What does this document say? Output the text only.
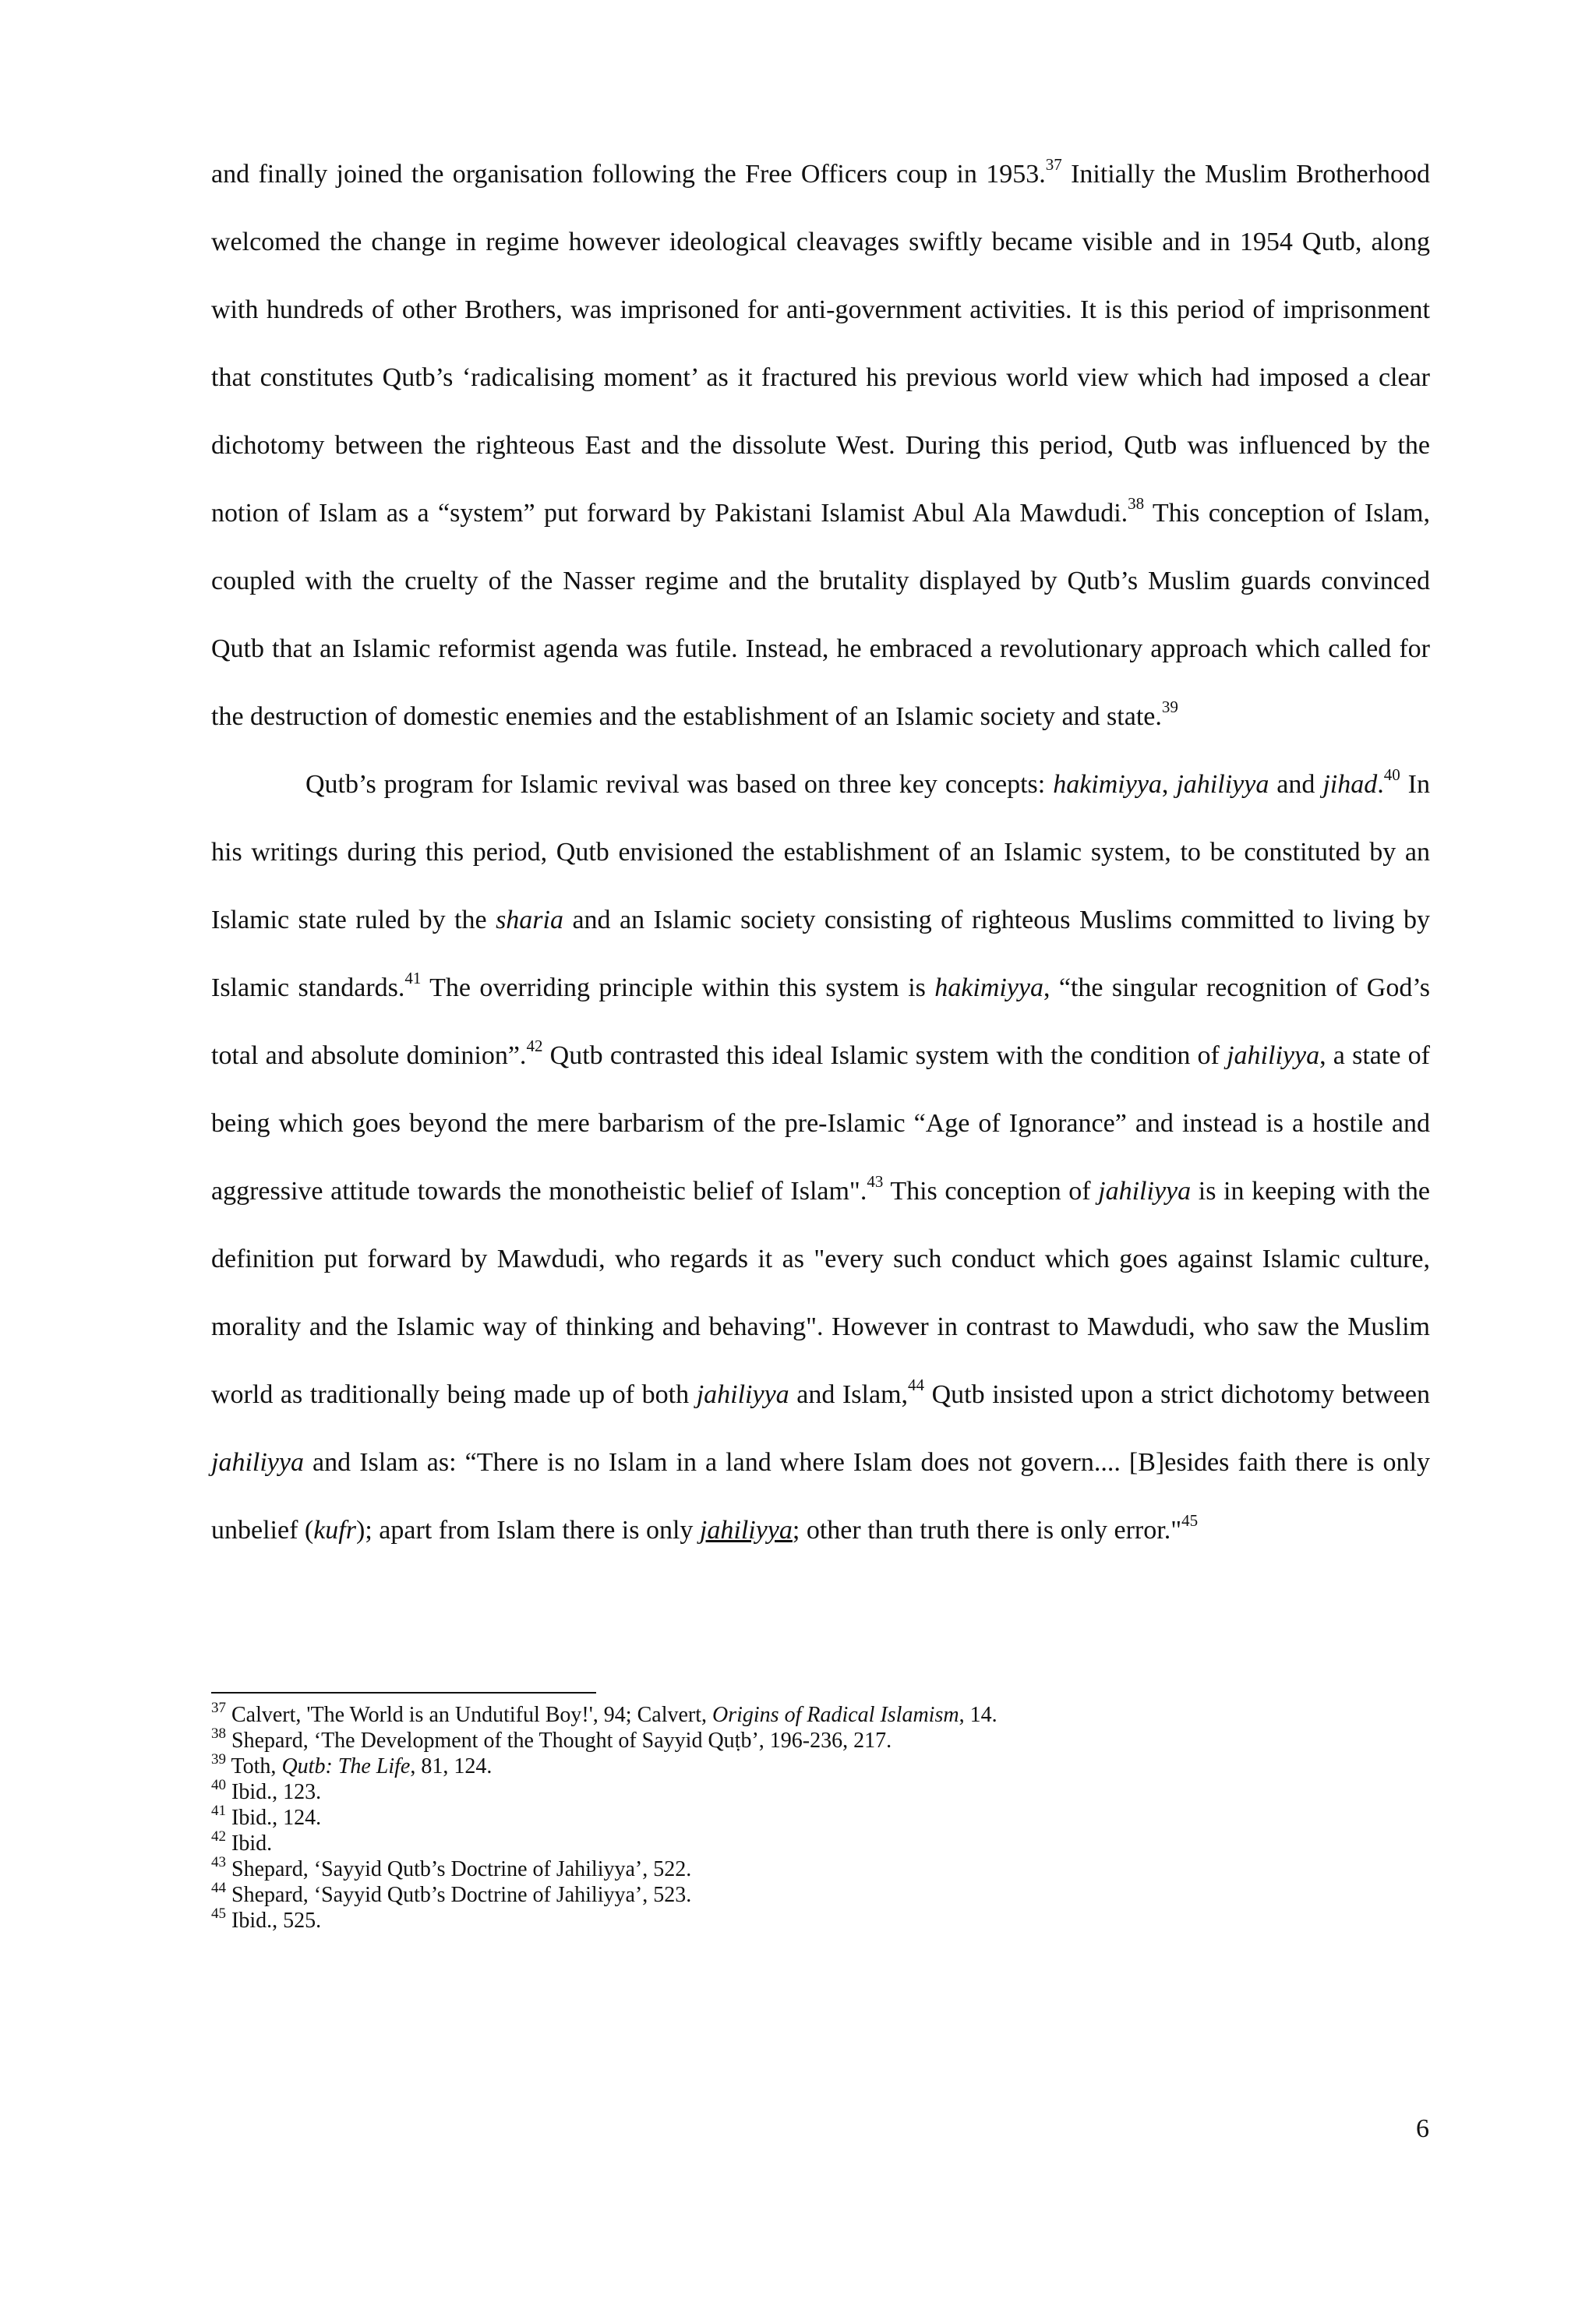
and finally joined the organisation following the Free Officers coup in 1953.37 Initially the Muslim Brotherhood welcomed the change in regime however ideological cleavages swiftly became visible and in 1954 Qutb, along with hundreds of other Brothers, was imprisoned for anti-government activities. It is this period of imprisonment that constitutes Qutb’s ‘radicalising moment’ as it fractured his previous world view which had imposed a clear dichotomy between the righteous East and the dissolute West. During this period, Qutb was influenced by the notion of Islam as a “system” put forward by Pakistani Islamist Abul Ala Mawdudi.$^{38}$ This conception of Islam, coupled with the cruelty of the Nasser regime and the brutality displayed by Qutb’s Muslim guards convinced Qutb that an Islamic reformist agenda was futile. Instead, he embraced a revolutionary approach which called for the destruction of domestic enemies and the establishment of an Islamic society and state.$^{39}$

Qutb’s program for Islamic revival was based on three key concepts: hakimiyya, jahiliyya and jihad.$^{40}$ In his writings during this period, Qutb envisioned the establishment of an Islamic system, to be constituted by an Islamic state ruled by the sharia and an Islamic society consisting of righteous Muslims committed to living by Islamic standards.$^{41}$ The overriding principle within this system is hakimiyya, “the singular recognition of God’s total and absolute dominion”.$^{42}$ Qutb contrasted this ideal Islamic system with the condition of jahiliyya, a state of being which goes beyond the mere barbarism of the pre-Islamic “Age of Ignorance” and instead is a hostile and aggressive attitude towards the monotheistic belief of Islam".$^{43}$ This conception of jahiliyya is in keeping with the definition put forward by Mawdudi, who regards it as "every such conduct which goes against Islamic culture, morality and the Islamic way of thinking and behaving". However in contrast to Mawdudi, who saw the Muslim world as traditionally being made up of both jahiliyya and Islam,$^{44}$ Qutb insisted upon a strict dichotomy between jahiliyya and Islam as: “There is no Islam in a land where Islam does not govern.... [B]esides faith there is only unbelief (kufr); apart from Islam there is only jahiliyya; other than truth there is only error."$^{45}$

$^{37}$ Calvert, 'The World is an Undutiful Boy!', 94; Calvert, Origins of Radical Islamism, 14.

$^{38}$ Shepard, ‘The Development of the Thought of Sayyid Quṭb’, 196-236, 217.

$^{39}$ Toth, Qutb: The Life, 81, 124.

$^{40}$ Ibid., 123.

$^{41}$ Ibid., 124.

$^{42}$ Ibid.

$^{43}$ Shepard, ‘Sayyid Qutb’s Doctrine of Jahiliyya’, 522.

$^{44}$ Shepard, ‘Sayyid Qutb’s Doctrine of Jahiliyya’, 523.

$^{45}$ Ibid., 525.

6
